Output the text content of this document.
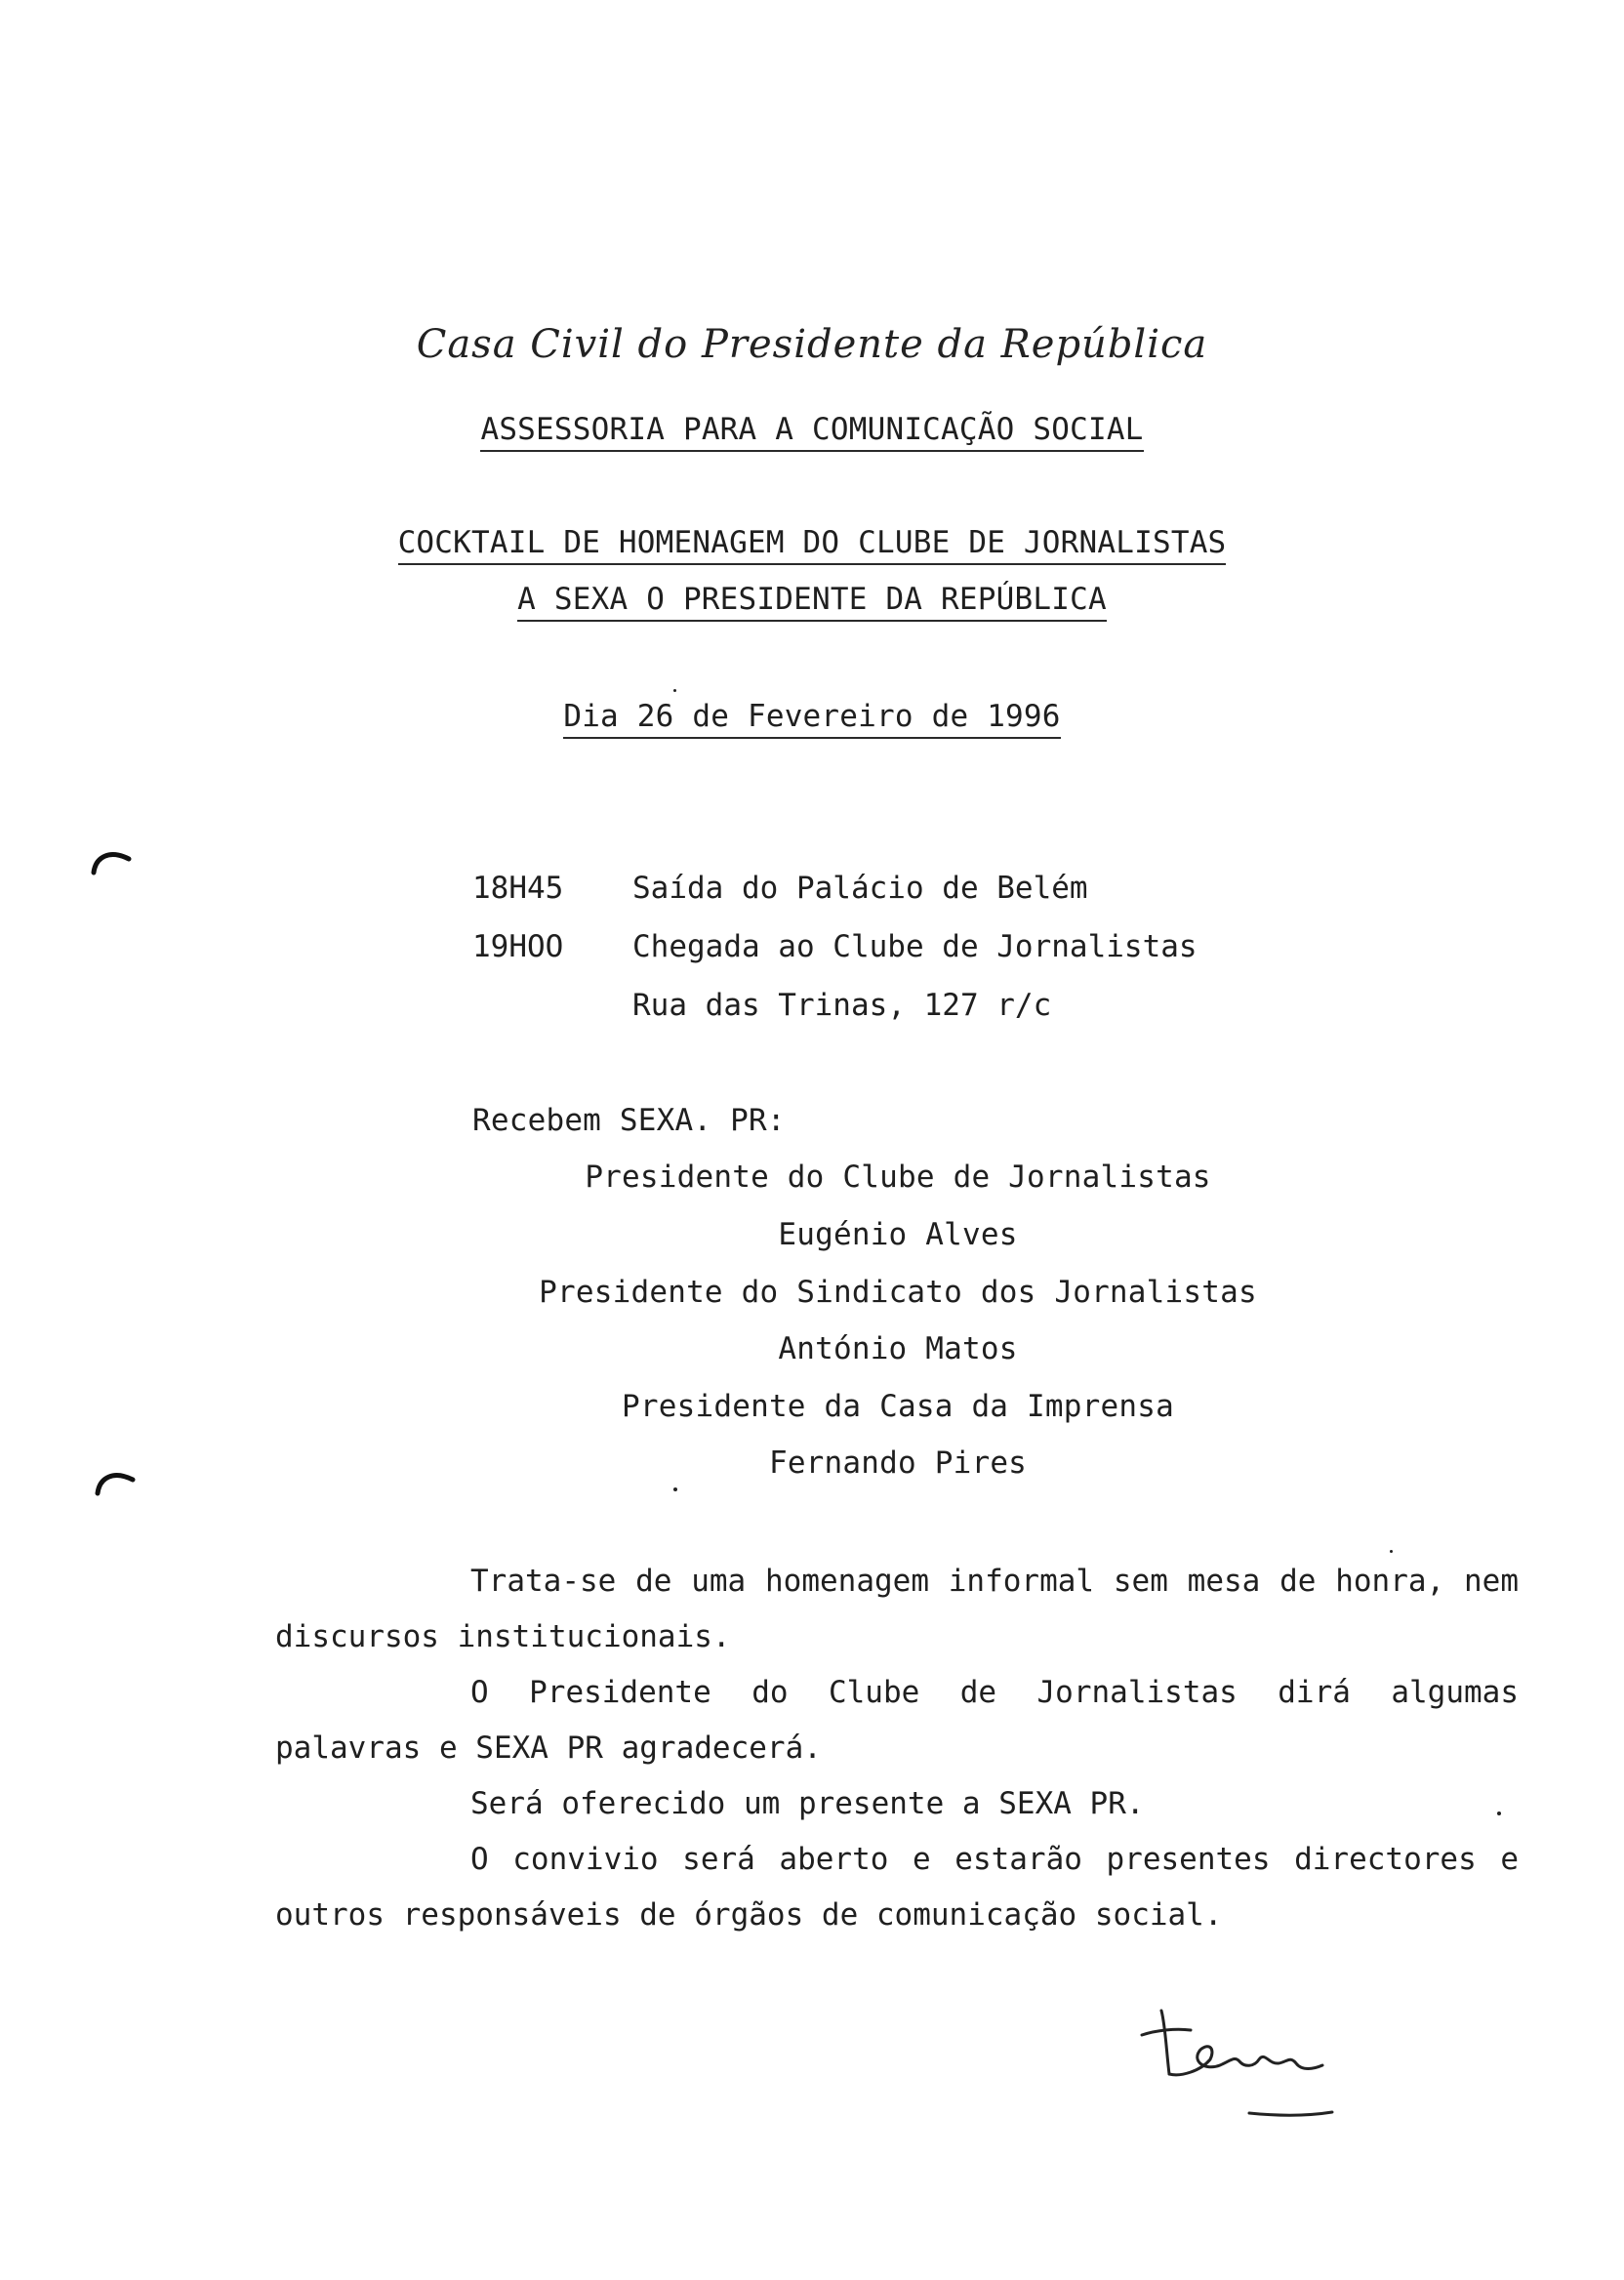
Casa Civil do Presidente da República
ASSESSORIA PARA A COMUNICAÇÃO SOCIAL
COCKTAIL DE HOMENAGEM DO CLUBE DE JORNALISTAS
A SEXA O PRESIDENTE DA REPÚBLICA
Dia 26 de Fevereiro de 1996
18H45 Saída do Palácio de Belém
19HOO Chegada ao Clube de Jornalistas
Rua das Trinas, 127 r/c
Recebem SEXA. PR:
Presidente do Clube de Jornalistas
Eugénio Alves
Presidente do Sindicato dos Jornalistas
António Matos
Presidente da Casa da Imprensa
Fernando Pires
Trata-se de uma homenagem informal sem mesa de honra, nem discursos institucionais.
O Presidente do Clube de Jornalistas dirá algumas palavras e SEXA PR agradecerá.
Será oferecido um presente a SEXA PR.
O convivio será aberto e estarão presentes directores e outros responsáveis de órgãos de comunicação social.
